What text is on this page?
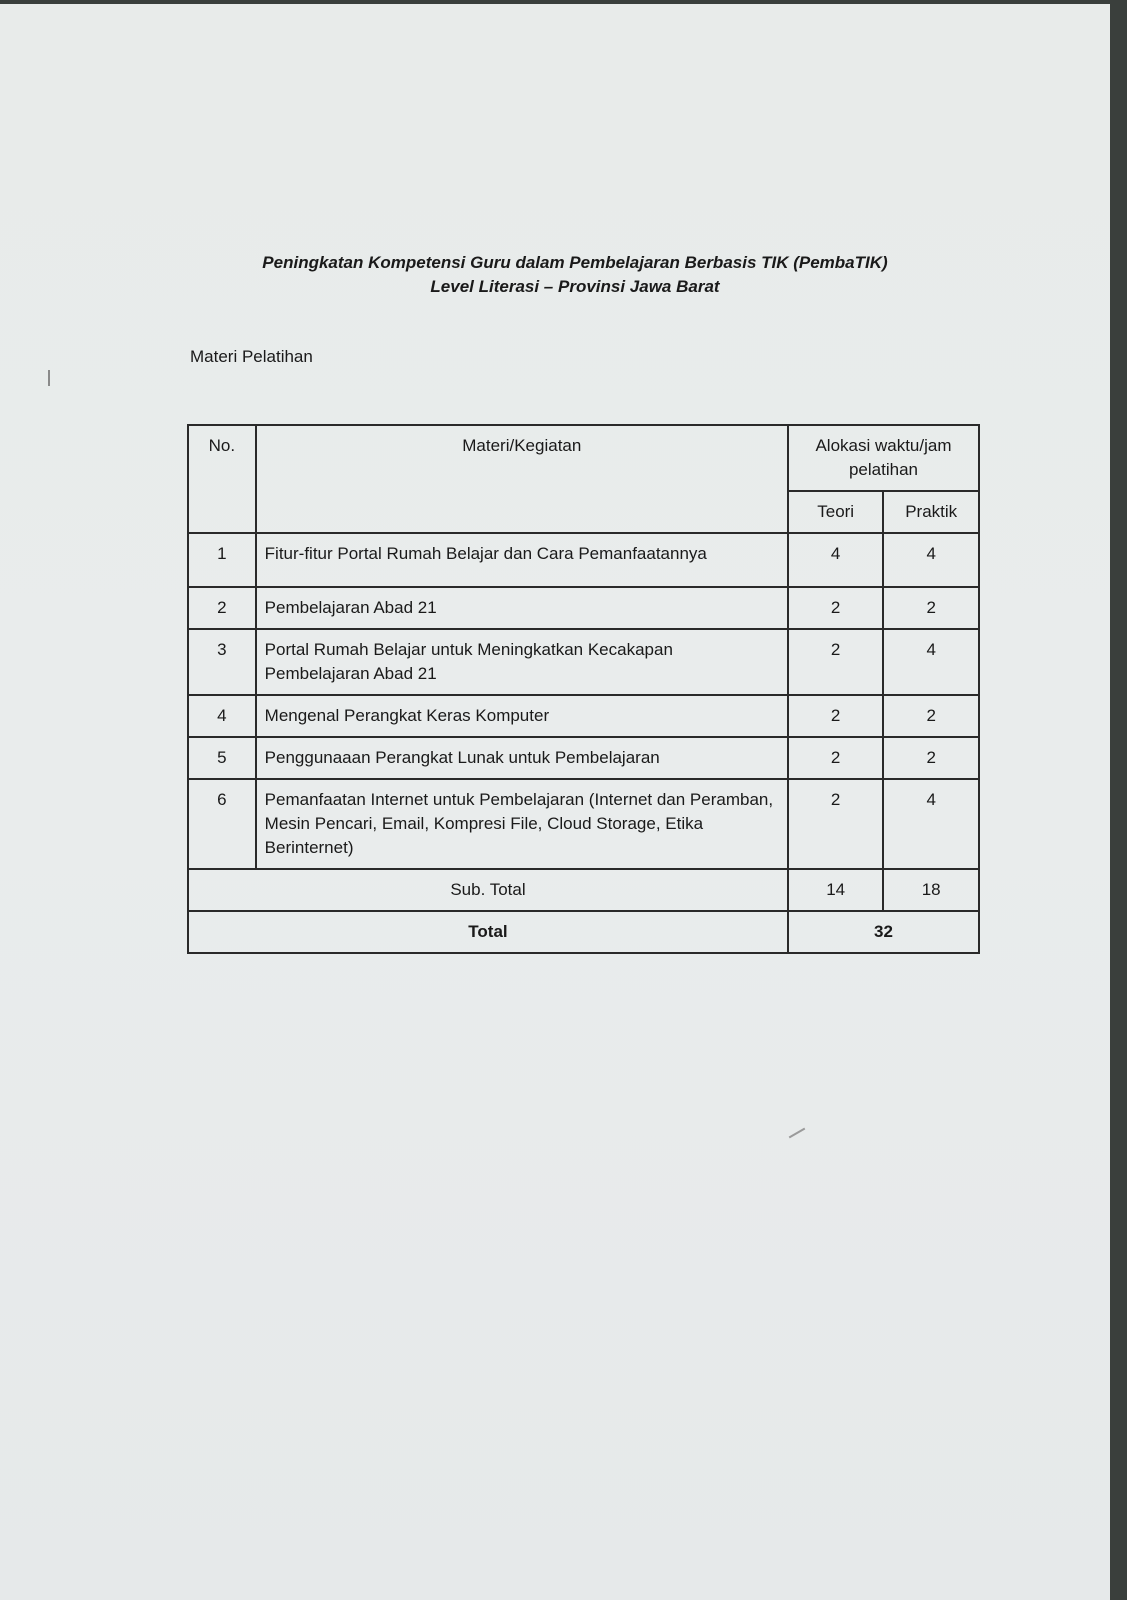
Peningkatan Kompetensi Guru dalam Pembelajaran Berbasis TIK (PembaTIK)
Level Literasi – Provinsi Jawa Barat
Materi Pelatihan
No.	Materi/Kegiatan	Alokasi waktu/jam pelatihan	
		Teori	Praktik
1	Fitur-fitur Portal Rumah Belajar dan Cara Pemanfaatannya	4	4
2	Pembelajaran Abad 21	2	2
3	Portal Rumah Belajar untuk Meningkatkan Kecakapan Pembelajaran Abad 21	2	4
4	Mengenal Perangkat Keras Komputer	2	2
5	Penggunaaan Perangkat Lunak untuk Pembelajaran	2	2
6	Pemanfaatan Internet untuk Pembelajaran (Internet dan Peramban, Mesin Pencari, Email, Kompresi File, Cloud Storage, Etika Berinternet)	2	4
Sub. Total		14	18
Total		32	
